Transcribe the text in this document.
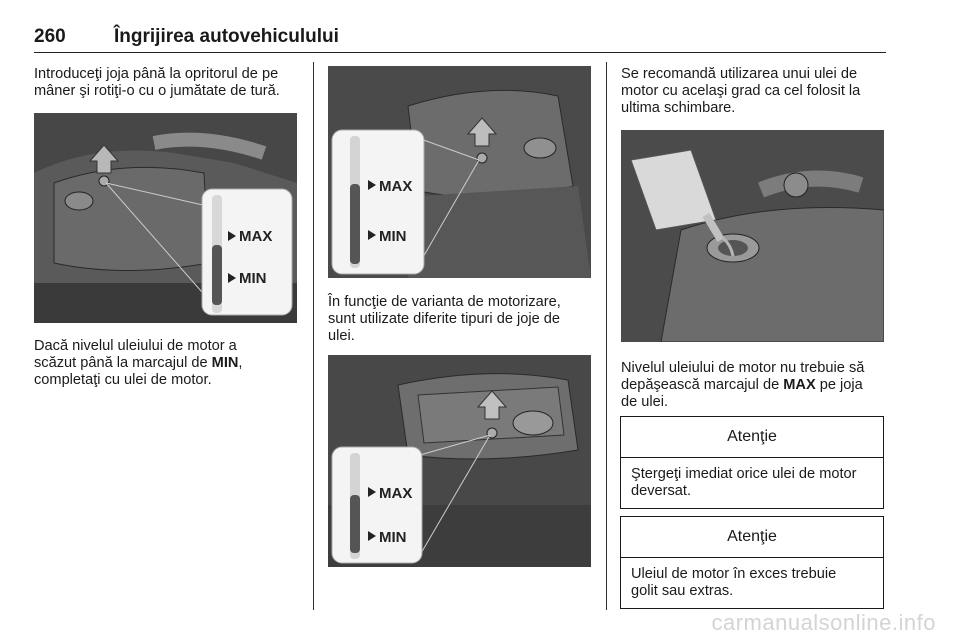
260	Îngrijirea autovehiculului

Introduceţi joja până la opritorul de pe
mâner şi rotiţi-o cu o jumătate de tură.

MAX
MIN

Dacă nivelul uleiului de motor a
scăzut până la marcajul de MIN,
completaţi cu ulei de motor.

MAX
MIN

În funcţie de varianta de motorizare,
sunt utilizate diferite tipuri de joje de
ulei.

MAX
MIN

Se recomandă utilizarea unui ulei de
motor cu acelaşi grad ca cel folosit la
ultima schimbare.

Nivelul uleiului de motor nu trebuie să
depăşească marcajul de MAX pe joja
de ulei.

Atenţie
Ştergeţi imediat orice ulei de motor
deversat.
Atenţie
Uleiul de motor în exces trebuie
golit sau extras.
carmanualsonline.info
